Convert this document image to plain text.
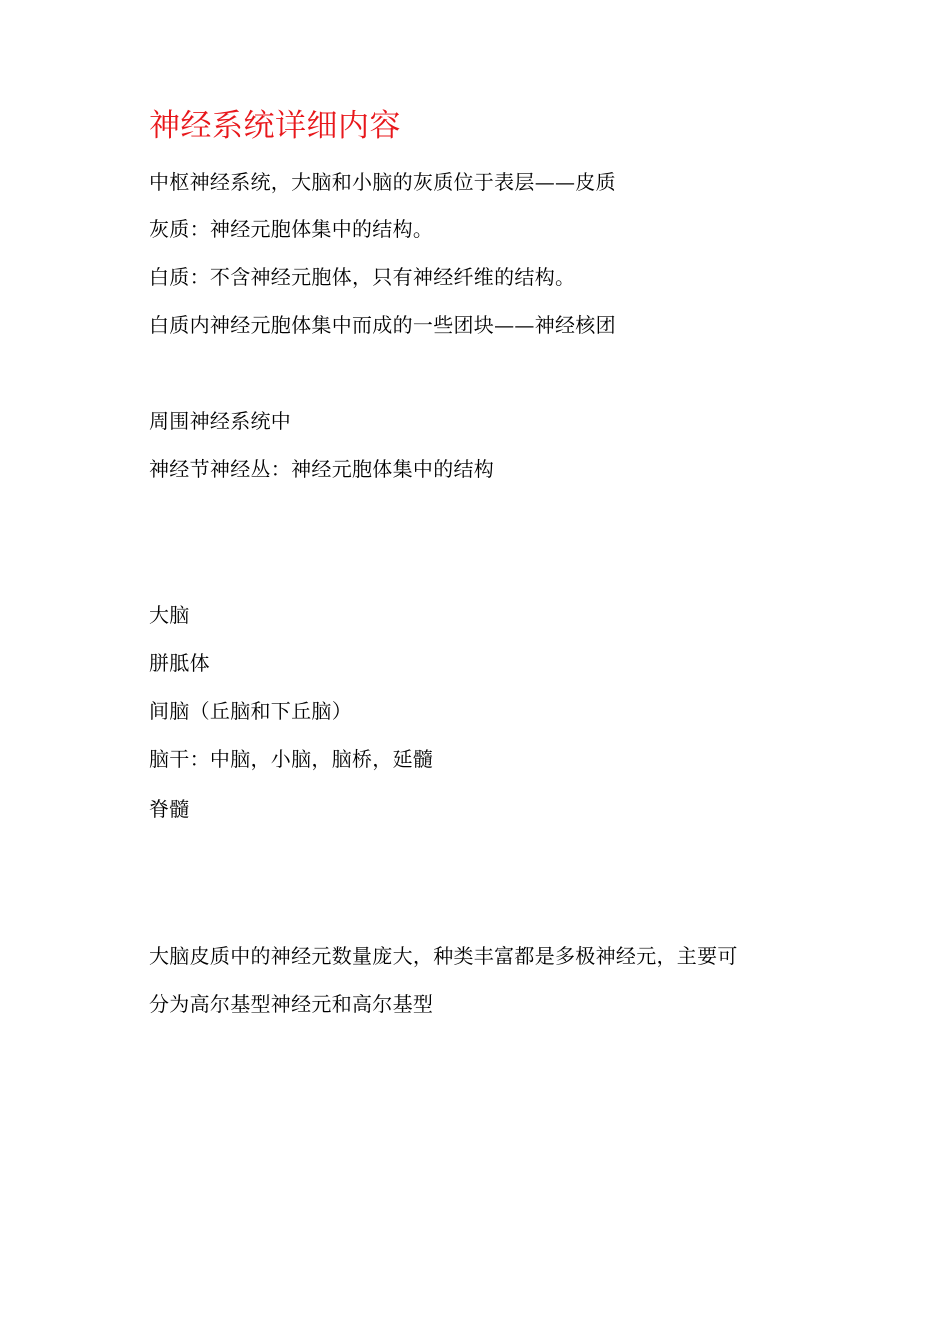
神经系统详细内容
中枢神经系统，大脑和小脑的灰质位于表层——皮质
灰质：神经元胞体集中的结构。
白质：不含神经元胞体，只有神经纤维的结构。
白质内神经元胞体集中而成的一些团块——神经核团
周围神经系统中
神经节神经丛：神经元胞体集中的结构
大脑
胼胝体
间脑（丘脑和下丘脑）
脑干：中脑，小脑，脑桥，延髓
脊髓
大脑皮质中的神经元数量庞大，种类丰富都是多极神经元，主要可
分为高尔基型神经元和高尔基型
